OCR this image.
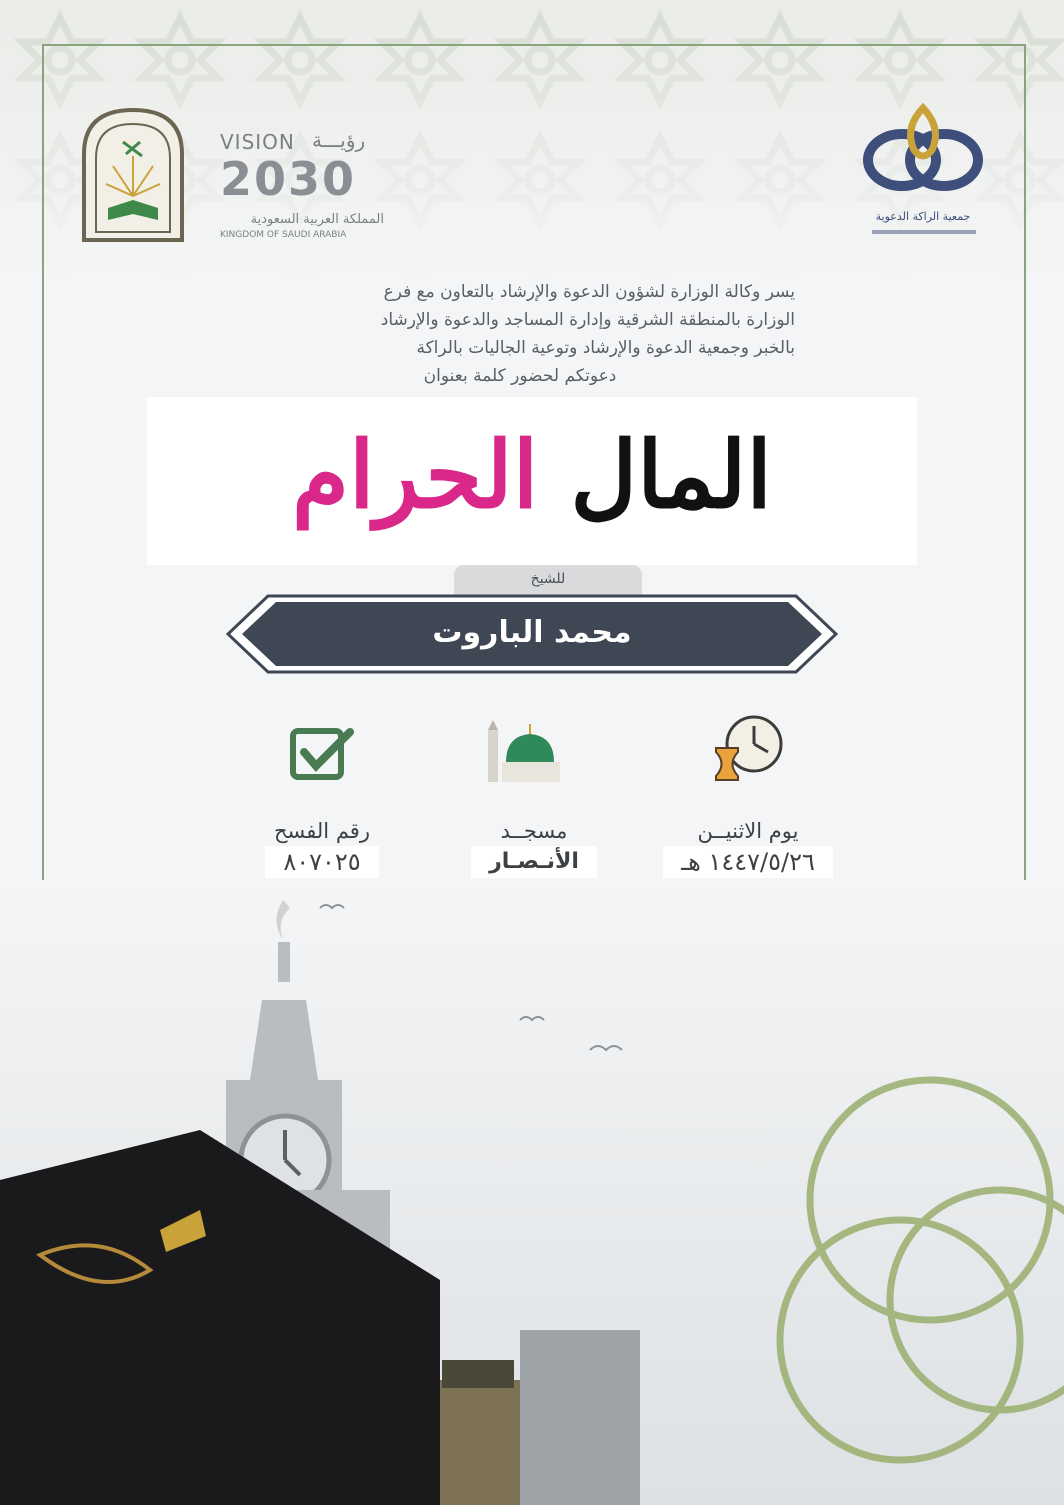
VISION رؤيـــة
2030
المملكة العربية السعودية
KINGDOM OF SAUDI ARABIA
جمعية الراكة الدعوية
يسر وكالة الوزارة لشؤون الدعوة والإرشاد بالتعاون مع فرع
الوزارة بالمنطقة الشرقية وإدارة المساجد والدعوة والإرشاد
بالخبر وجمعية الدعوة والإرشاد وتوعية الجاليات بالراكة
دعوتكم لحضور كلمة بعنوان
المال الحرام
للشيخ
محمد الباروت
يوم الاثنيــن
١٤٤٧/٥/٢٦ هـ
مسجــد
الأنـصـار
رقم الفسح
٨٠٧٠٢٥
